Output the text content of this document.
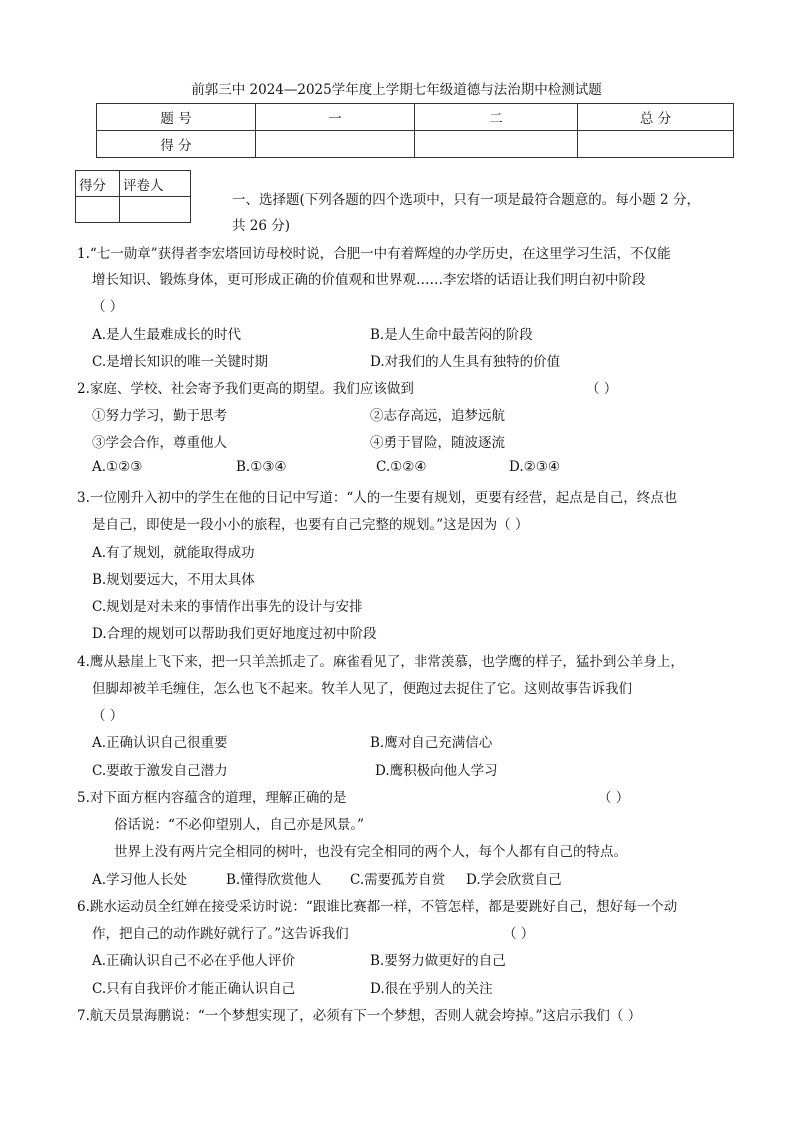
前郭三中 2024—2025学年度上学期七年级道德与法治期中检测试题
题 号	一	二	总 分
得 分			
得分	评卷人

一、选择题(下列各题的四个选项中，只有一项是最符合题意的。每小题 2 分，
共 26 分)
1.“七一勋章”获得者李宏塔回访母校时说，合肥一中有着辉煌的办学历史，在这里学习生活，不仅能
增长知识、锻炼身体，更可形成正确的价值观和世界观……李宏塔的话语让我们明白初中阶段
（ ）
A.是人生最难成长的时代	B.是人生命中最苦闷的阶段
C.是增长知识的唯一关键时期	D.对我们的人生具有独特的价值
2.家庭、学校、社会寄予我们更高的期望。我们应该做到	（ ）
①努力学习，勤于思考	②志存高远，追梦远航
③学会合作，尊重他人	④勇于冒险，随波逐流
A.①②③	B.①③④	C.①②④	D.②③④
3.一位刚升入初中的学生在他的日记中写道：“人的一生要有规划，更要有经营，起点是自己，终点也
是自己，即使是一段小小的旅程，也要有自己完整的规划。”这是因为（ ）
A.有了规划，就能取得成功
B.规划要远大，不用太具体
C.规划是对未来的事情作出事先的设计与安排
D.合理的规划可以帮助我们更好地度过初中阶段
4.鹰从悬崖上飞下来，把一只羊羔抓走了。麻雀看见了，非常羡慕，也学鹰的样子，猛扑到公羊身上，
但脚却被羊毛缠住，怎么也飞不起来。牧羊人见了，便跑过去捉住了它。这则故事告诉我们
（ ）
A.正确认识自己很重要	B.鹰对自己充满信心
C.要敢于激发自己潜力	D.鹰积极向他人学习
5.对下面方框内容蕴含的道理，理解正确的是	（ ）
俗话说：“不必仰望别人，自己亦是风景。”
世界上没有两片完全相同的树叶，也没有完全相同的两个人，每个人都有自己的特点。
A.学习他人长处	B.懂得欣赏他人 C.需要孤芳自赏 D.学会欣赏自己
6.跳水运动员全红婵在接受采访时说：“跟谁比赛都一样，不管怎样，都是要跳好自己，想好每一个动
作，把自己的动作跳好就行了。”这告诉我们	（ ）
A.正确认识自己不必在乎他人评价	B.要努力做更好的自己
C.只有自我评价才能正确认识自己	D.很在乎别人的关注
7.航天员景海鹏说：“一个梦想实现了，必须有下一个梦想，否则人就会垮掉。”这启示我们（ ）
